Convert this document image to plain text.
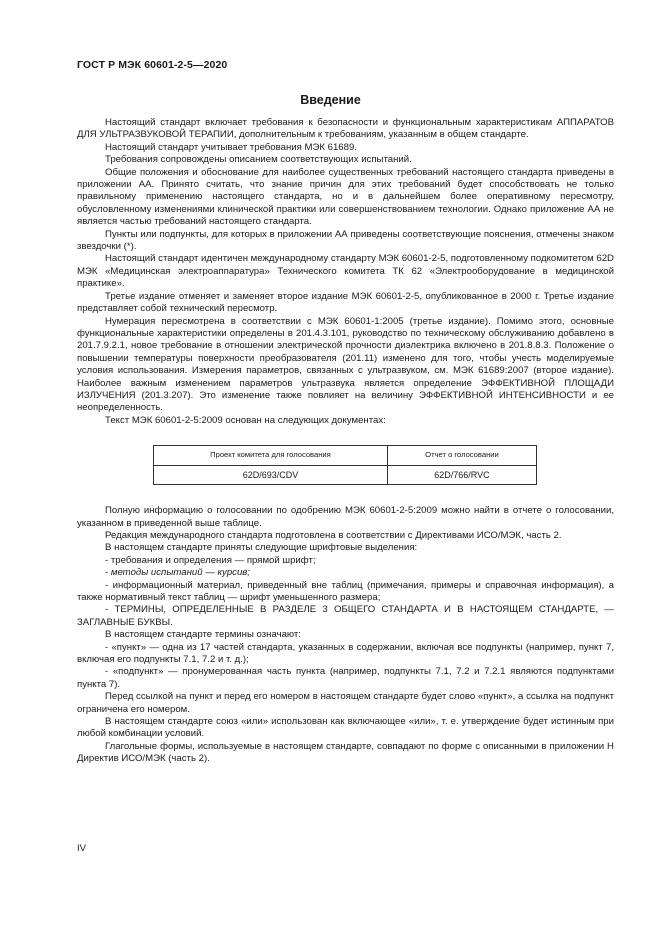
ГОСТ Р МЭК 60601-2-5—2020
Введение

Настоящий стандарт включает требования к безопасности и функциональным характеристикам АППАРАТОВ ДЛЯ УЛЬТРАЗВУКОВОЙ ТЕРАПИИ, дополнительным к требованиям, указанным в общем стандарте.

Настоящий стандарт учитывает требования МЭК 61689.

Требования сопровождены описанием соответствующих испытаний.

Общие положения и обоснование для наиболее существенных требований настоящего стандарта приведены в приложении АА. Принято считать, что знание причин для этих требований будет способствовать не только правильному применению настоящего стандарта, но и в дальнейшем более оперативному пересмотру, обусловленному изменениями клинической практики или совершенствованием технологии. Однако приложение АА не является частью требований настоящего стандарта.

Пункты или подпункты, для которых в приложении АА приведены соответствующие пояснения, отмечены знаком звездочки (*).

Настоящий стандарт идентичен международному стандарту МЭК 60601-2-5, подготовленному подкомитетом 62D МЭК «Медицинская электроаппаратура» Технического комитета ТК 62 «Электрооборудование в медицинской практике».

Третье издание отменяет и заменяет второе издание МЭК 60601-2-5, опубликованное в 2000 г. Третье издание представляет собой технический пересмотр.

Нумерация пересмотрена в соответствии с МЭК 60601-1:2005 (третье издание). Помимо этого, основные функциональные характеристики определены в 201.4.3.101, руководство по техническому обслуживанию добавлено в 201.7.9.2.1, новое требование в отношении электрической прочности диэлектрика включено в 201.8.8.3. Положение о повышении температуры поверхности преобразователя (201.11) изменено для того, чтобы учесть моделируемые условия использования. Измерения параметров, связанных с ультразвуком, см. МЭК 61689:2007 (второе издание). Наиболее важным изменением параметров ультразвука является определение ЭФФЕКТИВНОЙ ПЛОЩАДИ ИЗЛУЧЕНИЯ (201.3.207). Это изменение также повлияет на величину ЭФФЕКТИВНОЙ ИНТЕНСИВНОСТИ и ее неопределенность.

Текст МЭК 60601-2-5:2009 основан на следующих документах:

Проект комитета для голосования	Отчет о голосовании
62D/693/CDV	62D/766/RVC

Полную информацию о голосовании по одобрению МЭК 60601-2-5:2009 можно найти в отчете о голосовании, указанном в приведенной выше таблице.

Редакция международного стандарта подготовлена в соответствии с Директивами ИСО/МЭК, часть 2.

В настоящем стандарте приняты следующие шрифтовые выделения:

- требования и определения — прямой шрифт;

- методы испытаний — курсив;

- информационный материал, приведенный вне таблиц (примечания, примеры и справочная информация), а также нормативный текст таблиц — шрифт уменьшенного размера;

- ТЕРМИНЫ, ОПРЕДЕЛЕННЫЕ В РАЗДЕЛЕ 3 ОБЩЕГО СТАНДАРТА И В НАСТОЯЩЕМ СТАНДАРТЕ, — ЗАГЛАВНЫЕ БУКВЫ.

В настоящем стандарте термины означают:

- «пункт» — одна из 17 частей стандарта, указанных в содержании, включая все подпункты (например, пункт 7, включая его подпункты 7.1, 7.2 и т. д.);

- «подпункт» — пронумерованная часть пункта (например, подпункты 7.1, 7.2 и 7.2.1 являются подпунктами пункта 7).

Перед ссылкой на пункт и перед его номером в настоящем стандарте будет слово «пункт», а ссылка на подпункт ограничена его номером.

В настоящем стандарте союз «или» использован как включающее «или», т. е. утверждение будет истинным при любой комбинации условий.

Глагольные формы, используемые в настоящем стандарте, совпадают по форме с описанными в приложении Н Директив ИСО/МЭК (часть 2).

IV
